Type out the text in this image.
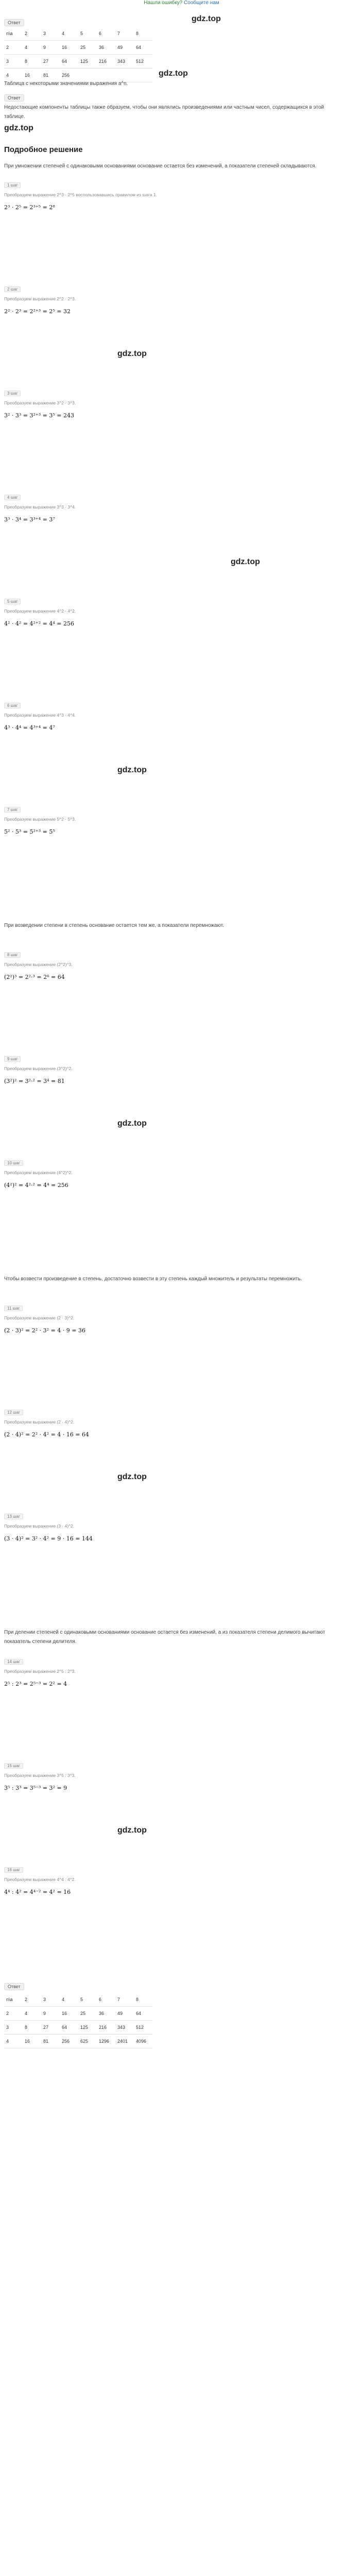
Нашли ошибку? Сообщите нам
gdz.top
Ответ
n\a	2	3	4	5	6	7	8
2	4	9	16	25	36	49	64
3	8	27	64	125	216	343	512
4	16	81	256					gdz.top

Таблица с некоторыми значениями выражения a^n.

Ответ

Недостающие компоненты таблицы также образуем, чтобы они являлись произведениями или частным чисел, содержащихся в этой таблице.

gdz.top

Подробное решение

При умножении степеней с одинаковыми основаниями основание остается без изменений, а показатели степеней складываются.

1 шаг
Преобразуем выражение 2^3 · 2^5 воспользовавшись правилом из шага 1.
2³ · 2⁵ = 2³⁺⁵ = 2⁸
2 шаг
Преобразуем выражение 2^2 · 2^3.
2² · 2³ = 2²⁺³ = 2⁵ = 32
gdz.top
3 шаг
Преобразуем выражение 3^2 · 3^3.
3² · 3³ = 3²⁺³ = 3⁵ = 243
4 шаг
Преобразуем выражение 3^3 · 3^4.
3³ · 3⁴ = 3³⁺⁴ = 3⁷
gdz.top
5 шаг
Преобразуем выражение 4^2 · 4^2.
4² · 4² = 4²⁺² = 4⁴ = 256
6 шаг
Преобразуем выражение 4^3 · 4^4.
4³ · 4⁴ = 4³⁺⁴ = 4⁷
gdz.top
7 шаг
Преобразуем выражение 5^2 · 5^3.
5² · 5³ = 5²⁺³ = 5⁵

При возведении степени в степень основание остается тем же, а показатели перемножают.

8 шаг
Преобразуем выражение (2^2)^3.
(2²)³ = 2²·³ = 2⁶ = 64
9 шаг
Преобразуем выражение (3^2)^2.
(3²)² = 3²·² = 3⁴ = 81
gdz.top
10 шаг
Преобразуем выражение (4^2)^2.
(4²)² = 4²·² = 4⁴ = 256

Чтобы возвести произведение в степень, достаточно возвести в эту степень каждый множитель и результаты перемножить.

11 шаг
Преобразуем выражение (2 · 3)^2.
(2 · 3)² = 2² · 3² = 4 · 9 = 36
12 шаг
Преобразуем выражение (2 · 4)^2.
(2 · 4)² = 2² · 4² = 4 · 16 = 64
gdz.top
13 шаг
Преобразуем выражение (3 · 4)^2.
(3 · 4)² = 3² · 4² = 9 · 16 = 144

При делении степеней с одинаковыми основаниями основание остается без изменений, а из показателя степени делимого вычитают показатель степени делителя.

14 шаг
Преобразуем выражение 2^5 : 2^3.
2⁵ : 2³ = 2⁵⁻³ = 2² = 4
15 шаг
Преобразуем выражение 3^5 : 3^3.
3⁵ : 3³ = 3⁵⁻³ = 3² = 9
gdz.top
16 шаг
Преобразуем выражение 4^4 : 4^2.
4⁴ : 4² = 4⁴⁻² = 4² = 16
Ответ
n\a	2	3	4	5	6	7	8
2	4	9	16	25	36	49	64
3	8	27	64	125	216	343	512
4	16	81	256	625	1296	2401	4096
